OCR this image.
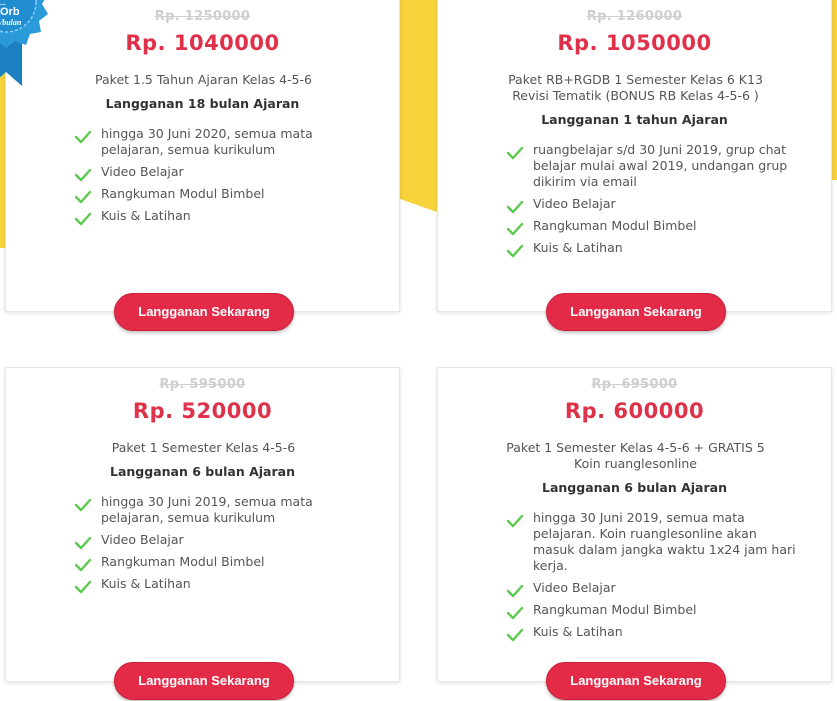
Rp. 1250000
Rp. 1040000
Paket 1.5 Tahun Ajaran Kelas 4-5-6
Langganan 18 bulan Ajaran
hingga 30 Juni 2020, semua mata pelajaran, semua kurikulum
Video Belajar
Rangkuman Modul Bimbel
Kuis & Latihan
Langganan Sekarang
Rp. 1260000
Rp. 1050000
Paket RB+RGDB 1 Semester Kelas 6 K13 Revisi Tematik (BONUS RB Kelas 4-5-6 )
Langganan 1 tahun Ajaran
ruangbelajar s/d 30 Juni 2019, grup chat belajar mulai awal 2019, undangan grup dikirim via email
Video Belajar
Rangkuman Modul Bimbel
Kuis & Latihan
Langganan Sekarang
Rp. 595000
Rp. 520000
Paket 1 Semester Kelas 4-5-6
Langganan 6 bulan Ajaran
hingga 30 Juni 2019, semua mata pelajaran, semua kurikulum
Video Belajar
Rangkuman Modul Bimbel
Kuis & Latihan
Langganan Sekarang
Rp. 695000
Rp. 600000
Paket 1 Semester Kelas 4-5-6 + GRATIS 5 Koin ruanglesonline
Langganan 6 bulan Ajaran
hingga 30 Juni 2019, semua mata pelajaran. Koin ruanglesonline akan masuk dalam jangka waktu 1x24 jam hari kerja.
Video Belajar
Rangkuman Modul Bimbel
Kuis & Latihan
Langganan Sekarang
...
Orb
/bulan
